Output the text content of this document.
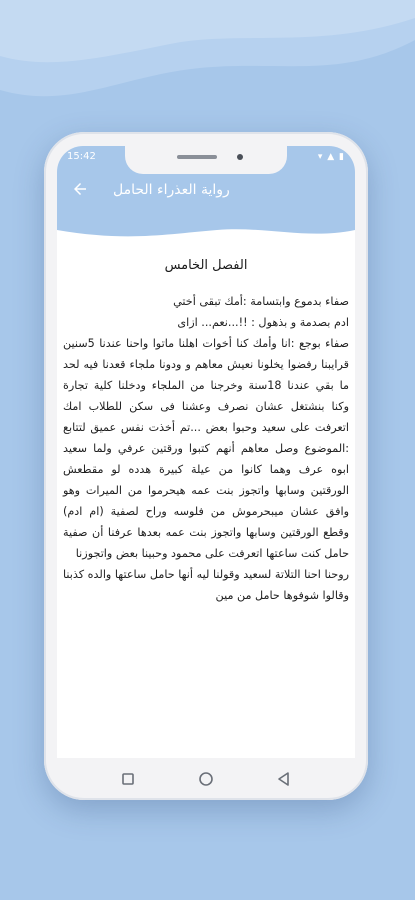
15:42	▾ ▲ ▮
رواية العذراء الحامل
الفصل الخامس
صفاء بدموع وابتسامة :أمك تبقى أختي
ادم بصدمة و بذهول : !!...نعم... ازاى
صفاء بوجع :انا وأمك كنا أخوات اهلنا ماتوا واحنا عندنا 5سنين قرايبنا رفضوا يخلونا نعيش معاهم و ودونا ملجاء قعدنا فيه لحد ما بقي عندنا 18سنة وخرجنا من الملجاء ودخلنا كلية تجارة وكنا بنشتغل عشان نصرف وعشنا فى سكن للطلاب امك اتعرفت على سعيد وحبوا بعض ...تم أخذت نفس عميق لتتابع :الموضوع وصل معاهم أنهم كتبوا ورقتين عرفي ولما سعيد ابوه عرف وهما كانوا من عيلة كبيرة هدده لو مقطعش الورقتين وسابها واتجوز بنت عمه هيحرموا من الميرات وهو وافق عشان ميبحرموش من فلوسه وراح لصفية (ام ادم) وقطع الورقتين وسابها واتجوز بنت عمه بعدها عرفنا أن صفية حامل كنت ساعتها اتعرفت على محمود وحبينا بعض واتجوزنا
روحنا احنا التلاتة لسعيد وقولنا ليه أنها حامل ساعتها والده كذبنا وقالوا شوفوها حامل من مين
